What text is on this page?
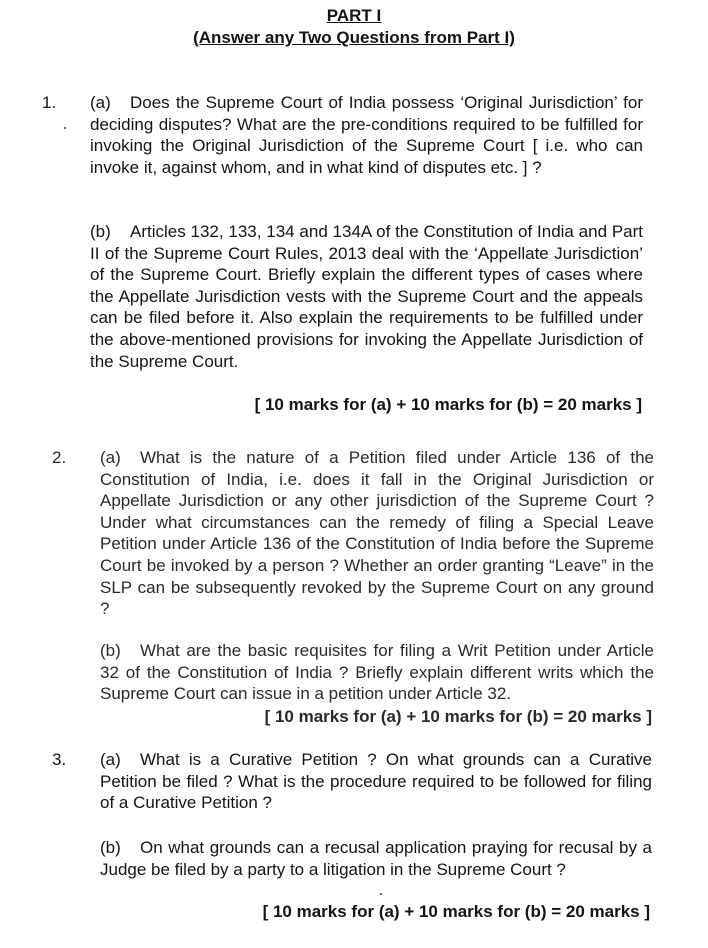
PART I
(Answer any Two Questions from Part I)
1. (a) Does the Supreme Court of India possess ‘Original Jurisdiction’ for deciding disputes? What are the pre-conditions required to be fulfilled for invoking the Original Jurisdiction of the Supreme Court [ i.e. who can invoke it, against whom, and in what kind of disputes etc. ] ?
(b) Articles 132, 133, 134 and 134A of the Constitution of India and Part II of the Supreme Court Rules, 2013 deal with the ‘Appellate Jurisdiction’ of the Supreme Court. Briefly explain the different types of cases where the Appellate Jurisdiction vests with the Supreme Court and the appeals can be filed before it. Also explain the requirements to be fulfilled under the above-mentioned provisions for invoking the Appellate Jurisdiction of the Supreme Court.
[ 10 marks for (a) + 10 marks for (b) = 20 marks ]
2. (a) What is the nature of a Petition filed under Article 136 of the Constitution of India, i.e. does it fall in the Original Jurisdiction or Appellate Jurisdiction or any other jurisdiction of the Supreme Court ? Under what circumstances can the remedy of filing a Special Leave Petition under Article 136 of the Constitution of India before the Supreme Court be invoked by a person ? Whether an order granting “Leave” in the SLP can be subsequently revoked by the Supreme Court on any ground ?
(b) What are the basic requisites for filing a Writ Petition under Article 32 of the Constitution of India ? Briefly explain different writs which the Supreme Court can issue in a petition under Article 32.
[ 10 marks for (a) + 10 marks for (b) = 20 marks ]
3. (a) What is a Curative Petition ? On what grounds can a Curative Petition be filed ? What is the procedure required to be followed for filing of a Curative Petition ?
(b) On what grounds can a recusal application praying for recusal by a Judge be filed by a party to a litigation in the Supreme Court ?
[ 10 marks for (a) + 10 marks for (b) = 20 marks ]
